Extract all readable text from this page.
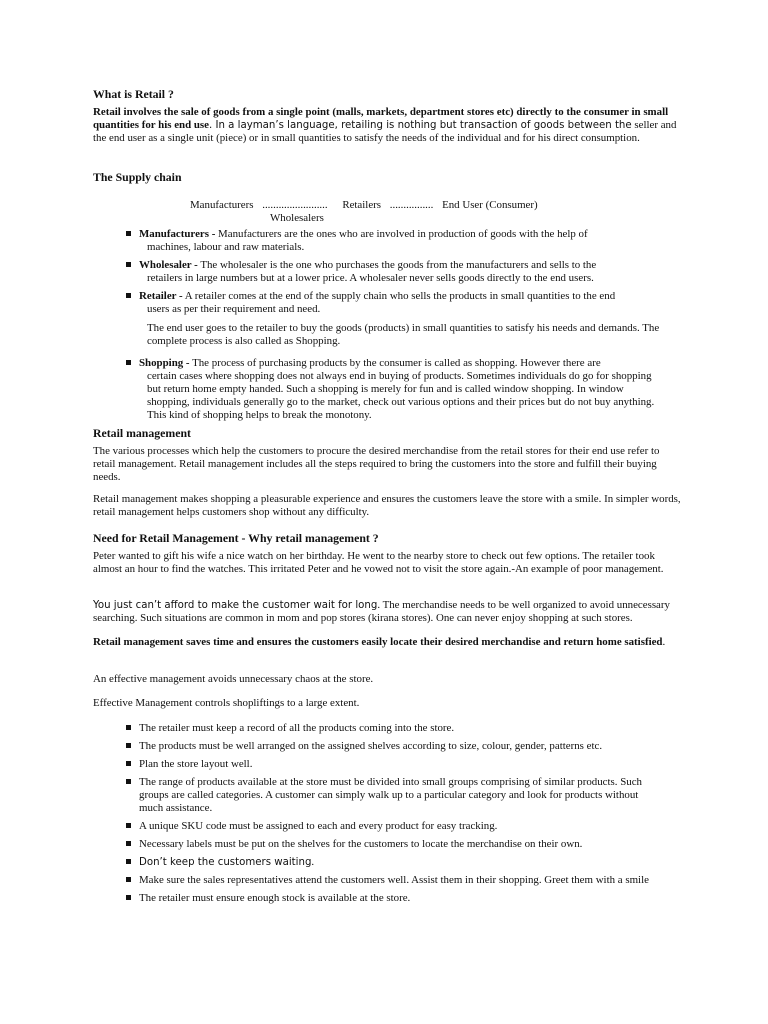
What is Retail ?

Retail involves the sale of goods from a single point (malls, markets, department stores etc) directly to the consumer in small quantities for his end use. In a layman’s language, retailing is nothing but transaction of goods between the seller and the end user as a single unit (piece) or in small quantities to satisfy the needs of the individual and for his direct consumption.

The Supply chain
Manufacturers ........................ Retailers ................ End User (Consumer)
Wholesalers
Manufacturers - Manufacturers are the ones who are involved in production of goods with the help of
machines, labour and raw materials.
Wholesaler - The wholesaler is the one who purchases the goods from the manufacturers and sells to the
retailers in large numbers but at a lower price. A wholesaler never sells goods directly to the end users.
Retailer - A retailer comes at the end of the supply chain who sells the products in small quantities to the end
users as per their requirement and need.

The end user goes to the retailer to buy the goods (products) in small quantities to satisfy his needs and demands. The complete process is also called as Shopping.

Shopping - The process of purchasing products by the consumer is called as shopping. However there are

certain cases where shopping does not always end in buying of products. Sometimes individuals do go for shopping but return home empty handed. Such a shopping is merely for fun and is called window shopping. In window shopping, individuals generally go to the market, check out various options and their prices but do not buy anything. This kind of shopping helps to break the monotony.

Retail management

The various processes which help the customers to procure the desired merchandise from the retail stores for their end use refer to retail management. Retail management includes all the steps required to bring the customers into the store and fulfill their buying needs.

Retail management makes shopping a pleasurable experience and ensures the customers leave the store with a smile. In simpler words, retail management helps customers shop without any difficulty.

Need for Retail Management - Why retail management ?

Peter wanted to gift his wife a nice watch on her birthday. He went to the nearby store to check out few options. The retailer took almost an hour to find the watches. This irritated Peter and he vowed not to visit the store again.-An example of poor management.

You just can’t afford to make the customer wait for long. The merchandise needs to be well organized to avoid unnecessary searching. Such situations are common in mom and pop stores (kirana stores). One can never enjoy shopping at such stores.

Retail management saves time and ensures the customers easily locate their desired merchandise and return home satisfied.

An effective management avoids unnecessary chaos at the store.

Effective Management controls shopliftings to a large extent.

The retailer must keep a record of all the products coming into the store.
The products must be well arranged on the assigned shelves according to size, colour, gender, patterns etc.
Plan the store layout well.
The range of products available at the store must be divided into small groups comprising of similar products. Such groups are called categories. A customer can simply walk up to a particular category and look for products without much assistance.
A unique SKU code must be assigned to each and every product for easy tracking.
Necessary labels must be put on the shelves for the customers to locate the merchandise on their own.
Don’t keep the customers waiting.
Make sure the sales representatives attend the customers well. Assist them in their shopping. Greet them with a smile
The retailer must ensure enough stock is available at the store.
